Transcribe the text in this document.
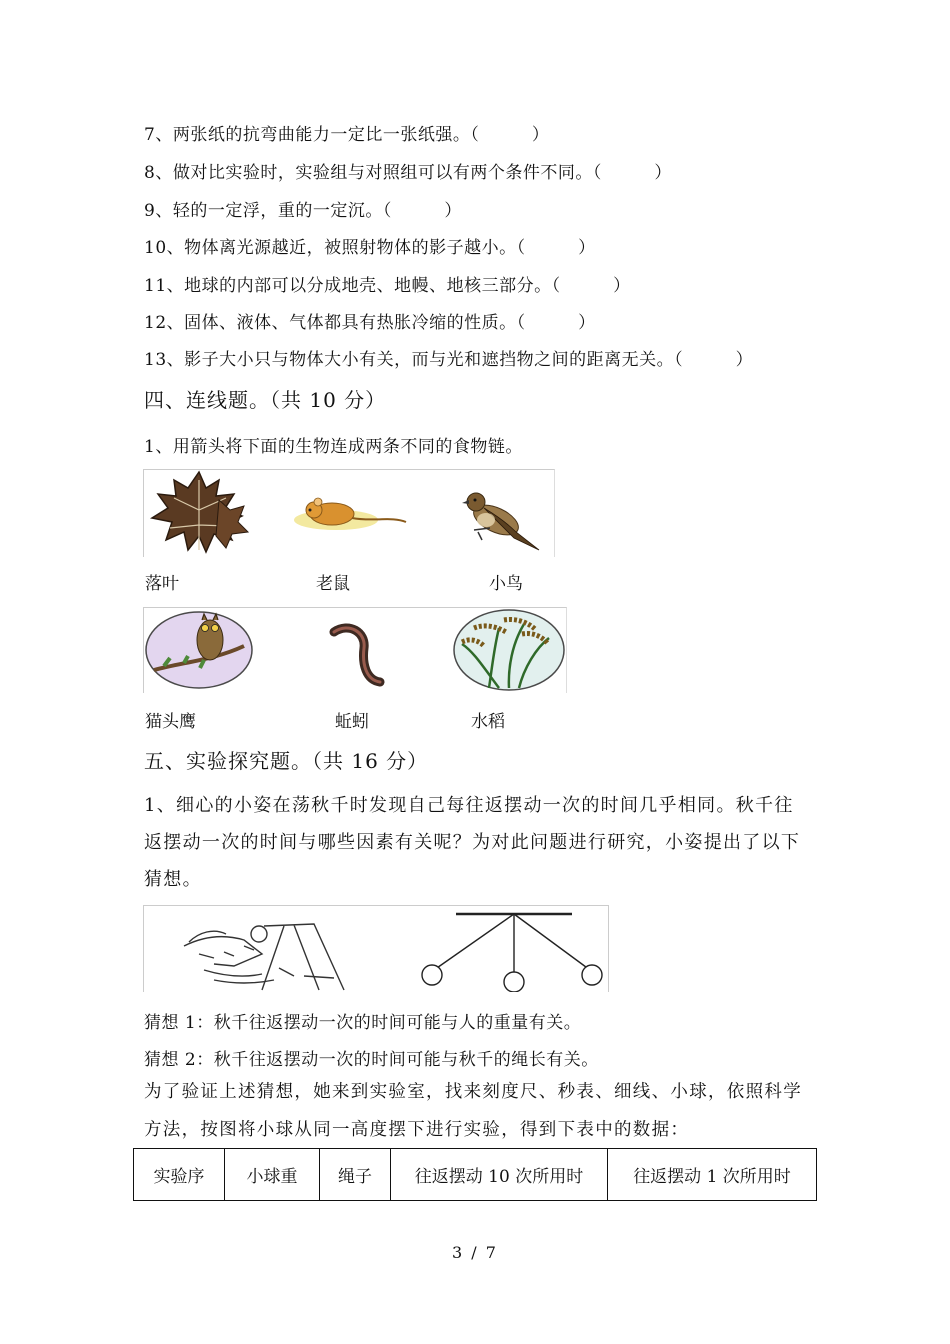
7、两张纸的抗弯曲能力一定比一张纸强。（　　　）
8、做对比实验时，实验组与对照组可以有两个条件不同。（　　　）
9、轻的一定浮，重的一定沉。（　　　）
10、物体离光源越近，被照射物体的影子越小。（　　　）
11、地球的内部可以分成地壳、地幔、地核三部分。（　　　）
12、固体、液体、气体都具有热胀冷缩的性质。（　　　）
13、影子大小只与物体大小有关，而与光和遮挡物之间的距离无关。（　　　）
四、连线题。（共 10 分）
1、用箭头将下面的生物连成两条不同的食物链。
落叶	老鼠	小鸟
猫头鹰	蚯蚓	水稻
五、实验探究题。（共 16 分）
1、细心的小姿在荡秋千时发现自己每往返摆动一次的时间几乎相同。秋千往返摆动一次的时间与哪些因素有关呢？为对此问题进行研究，小姿提出了以下猜想。
猜想 1：秋千往返摆动一次的时间可能与人的重量有关。
猜想 2：秋千往返摆动一次的时间可能与秋千的绳长有关。
为了验证上述猜想，她来到实验室，找来刻度尺、秒表、细线、小球，依照科学方法，按图将小球从同一高度摆下进行实验，得到下表中的数据：
实验序	小球重	绳子	往返摆动 10 次所用时	往返摆动 1 次所用时
3 / 7
